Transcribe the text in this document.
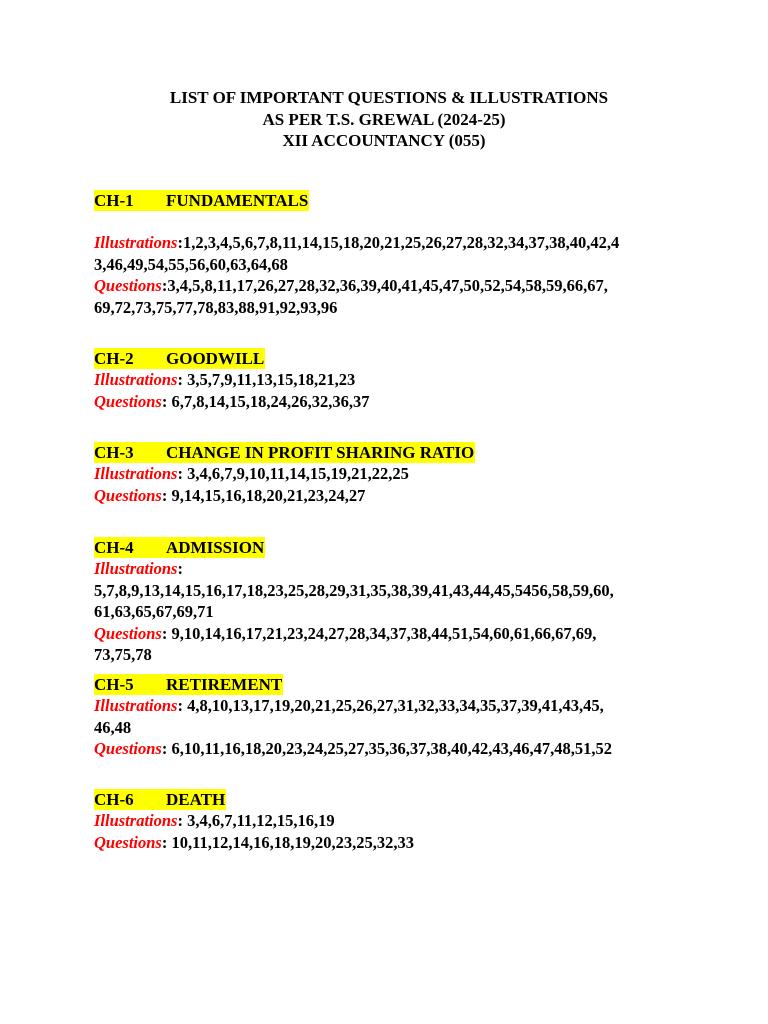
LIST OF IMPORTANT QUESTIONS & ILLUSTRATIONS
AS PER T.S. GREWAL (2024-25)
XII ACCOUNTANCY (055)
CH-1 FUNDAMENTALS
Illustrations:1,2,3,4,5,6,7,8,11,14,15,18,20,21,25,26,27,28,32,34,37,38,40,42,4
3,46,49,54,55,56,60,63,64,68
Questions:3,4,5,8,11,17,26,27,28,32,36,39,40,41,45,47,50,52,54,58,59,66,67,
69,72,73,75,77,78,83,88,91,92,93,96
CH-2 GOODWILL
Illustrations: 3,5,7,9,11,13,15,18,21,23
Questions: 6,7,8,14,15,18,24,26,32,36,37
CH-3 CHANGE IN PROFIT SHARING RATIO
Illustrations: 3,4,6,7,9,10,11,14,15,19,21,22,25
Questions: 9,14,15,16,18,20,21,23,24,27
CH-4 ADMISSION
Illustrations:
5,7,8,9,13,14,15,16,17,18,23,25,28,29,31,35,38,39,41,43,44,45,5456,58,59,60,
61,63,65,67,69,71
Questions: 9,10,14,16,17,21,23,24,27,28,34,37,38,44,51,54,60,61,66,67,69,
73,75,78
CH-5 RETIREMENT
Illustrations: 4,8,10,13,17,19,20,21,25,26,27,31,32,33,34,35,37,39,41,43,45,
46,48
Questions: 6,10,11,16,18,20,23,24,25,27,35,36,37,38,40,42,43,46,47,48,51,52
CH-6 DEATH
Illustrations: 3,4,6,7,11,12,15,16,19
Questions: 10,11,12,14,16,18,19,20,23,25,32,33
